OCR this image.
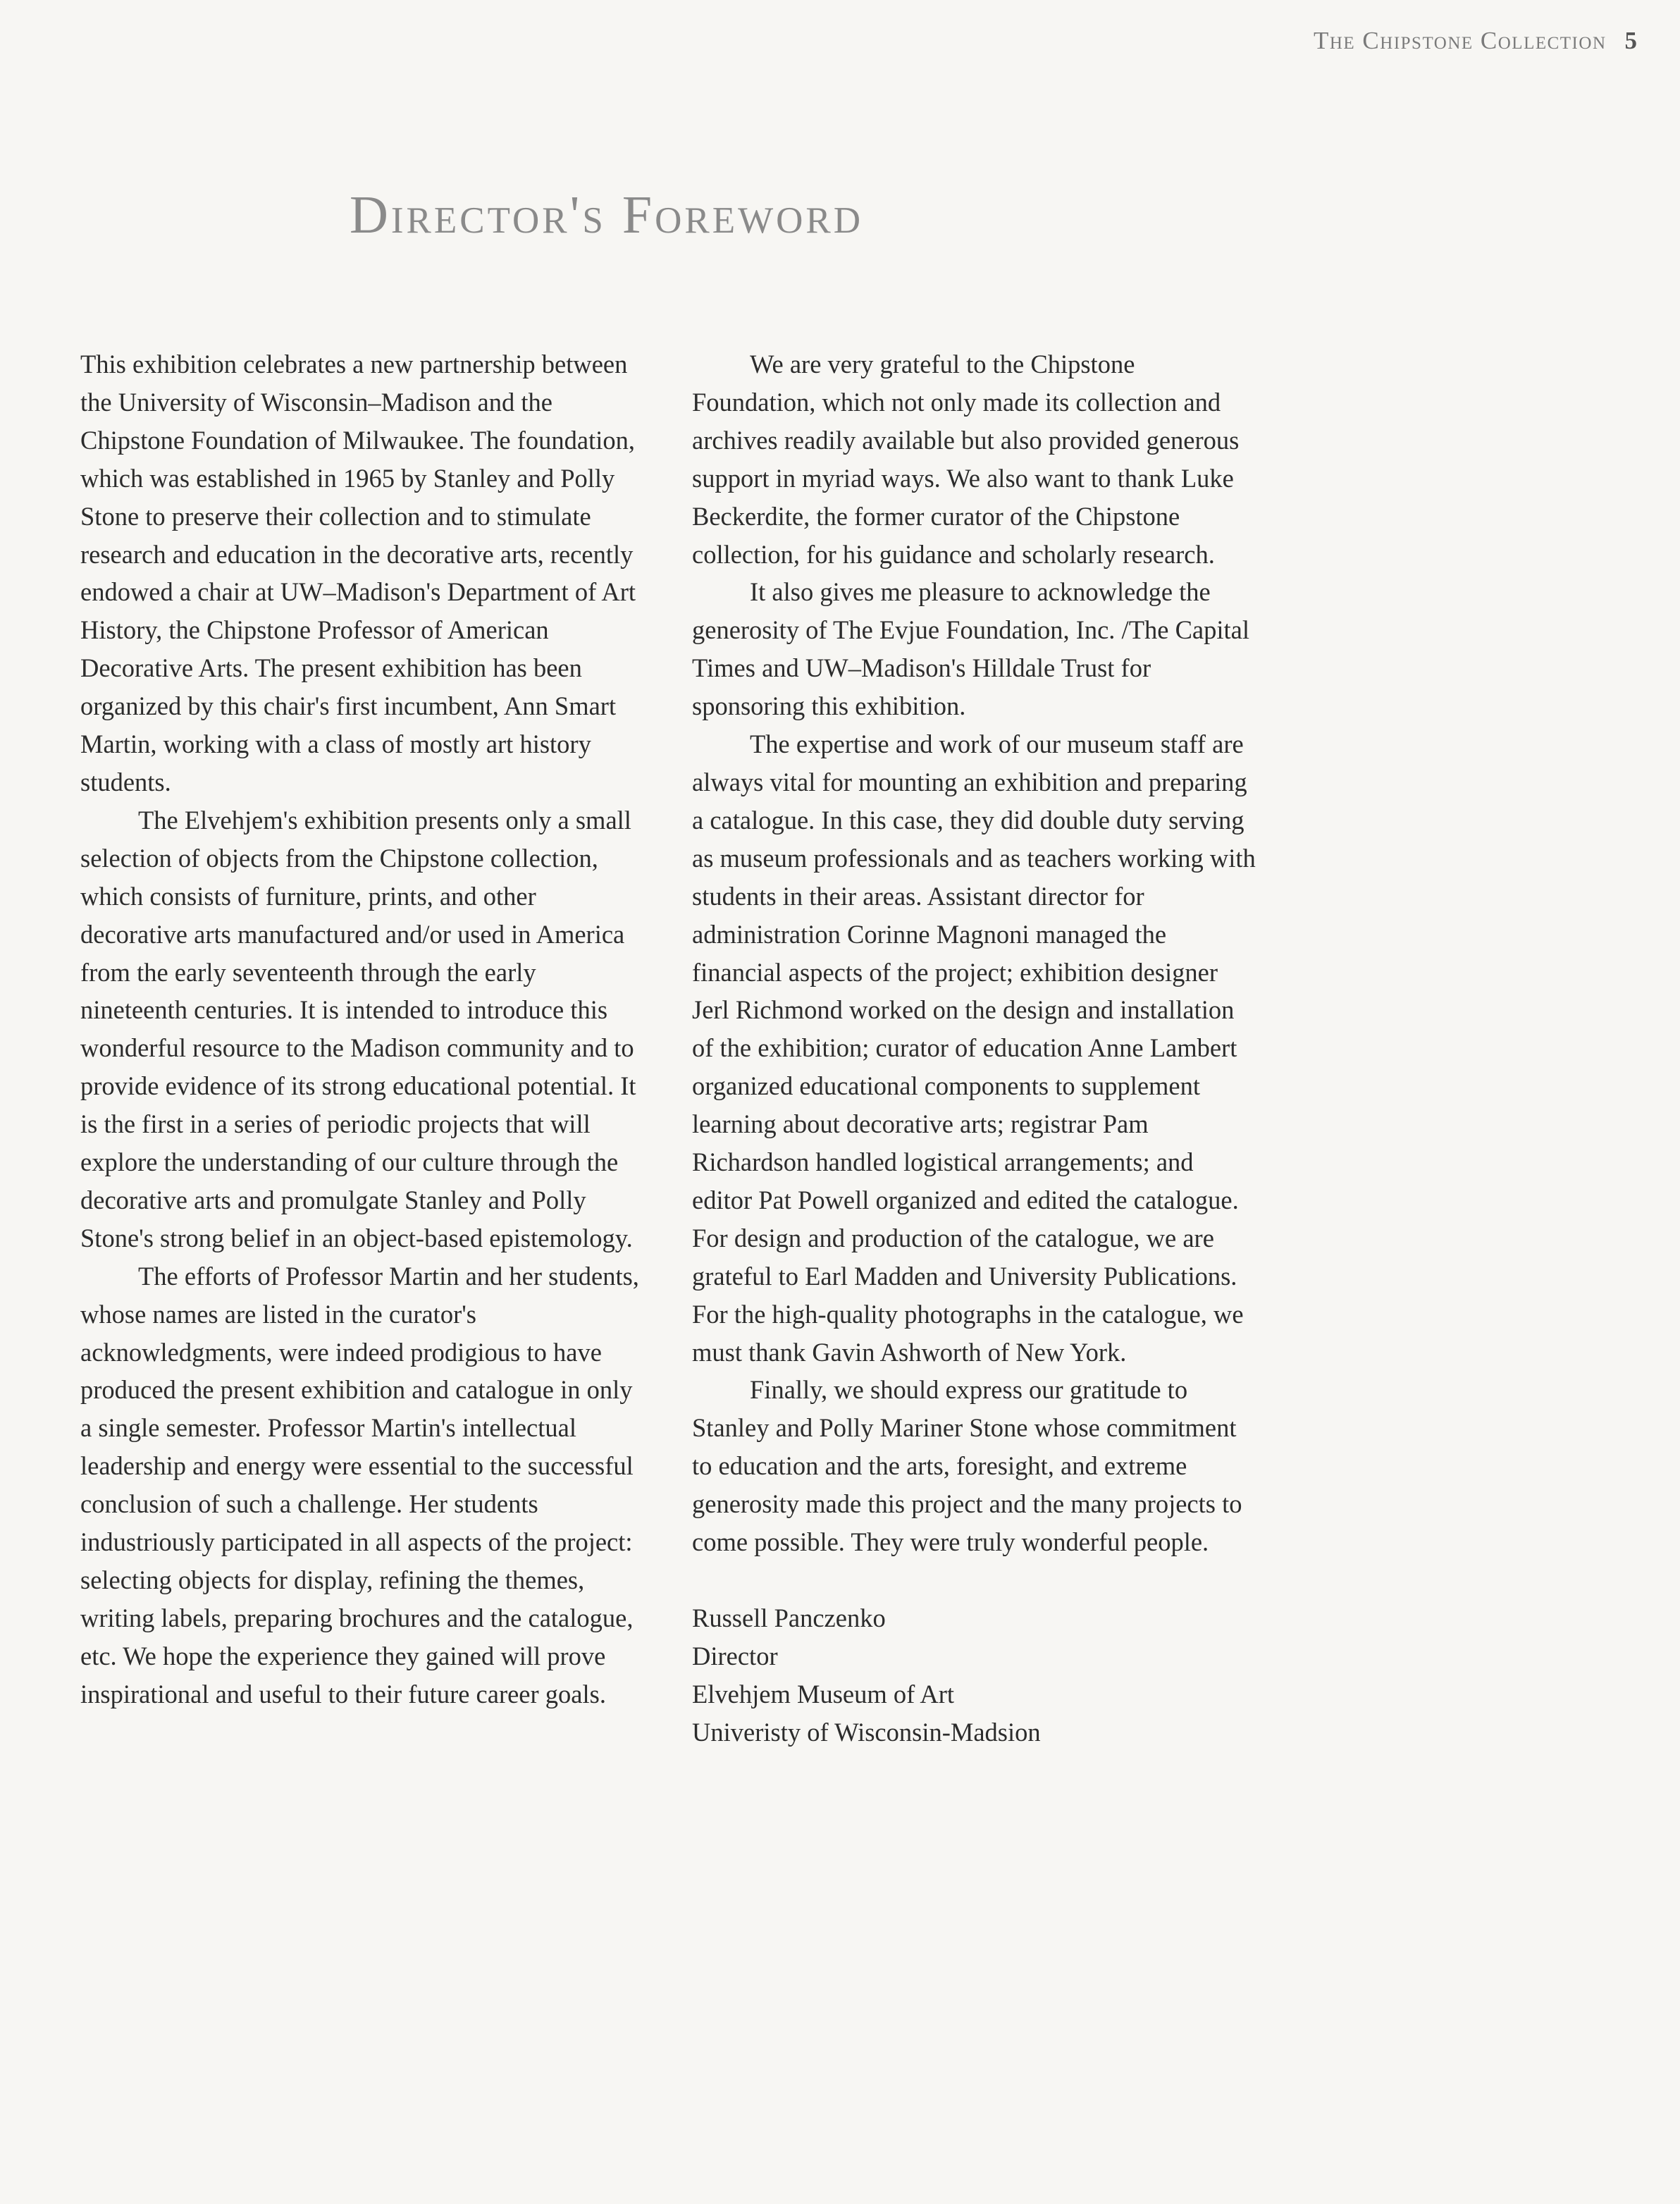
The Chipstone Collection 5
Director's Foreword

This exhibition celebrates a new partnership between the University of Wisconsin–Madison and the Chipstone Foundation of Milwaukee. The foundation, which was established in 1965 by Stanley and Polly Stone to preserve their collection and to stimulate research and education in the decorative arts, recently endowed a chair at UW–Madison's Department of Art History, the Chipstone Professor of American Decorative Arts. The present exhibition has been organized by this chair's first incumbent, Ann Smart Martin, working with a class of mostly art history students.

The Elvehjem's exhibition presents only a small selection of objects from the Chipstone collection, which consists of furniture, prints, and other decorative arts manufactured and/or used in America from the early seventeenth through the early nineteenth centuries. It is intended to introduce this wonderful resource to the Madison community and to provide evidence of its strong educational potential. It is the first in a series of periodic projects that will explore the understanding of our culture through the decorative arts and promulgate Stanley and Polly Stone's strong belief in an object-based epistemology.

The efforts of Professor Martin and her students, whose names are listed in the curator's acknowledgments, were indeed prodigious to have produced the present exhibition and catalogue in only a single semester. Professor Martin's intellectual leadership and energy were essential to the successful conclusion of such a challenge. Her students industriously participated in all aspects of the project: selecting objects for display, refining the themes, writing labels, preparing brochures and the catalogue, etc. We hope the experience they gained will prove inspirational and useful to their future career goals.

We are very grateful to the Chipstone Foundation, which not only made its collection and archives readily available but also provided generous support in myriad ways. We also want to thank Luke Beckerdite, the former curator of the Chipstone collection, for his guidance and scholarly research.

It also gives me pleasure to acknowledge the generosity of The Evjue Foundation, Inc. /The Capital Times and UW–Madison's Hilldale Trust for sponsoring this exhibition.

The expertise and work of our museum staff are always vital for mounting an exhibition and preparing a catalogue. In this case, they did double duty serving as museum professionals and as teachers working with students in their areas. Assistant director for administration Corinne Magnoni managed the financial aspects of the project; exhibition designer Jerl Richmond worked on the design and installation of the exhibition; curator of education Anne Lambert organized educational components to supplement learning about decorative arts; registrar Pam Richardson handled logistical arrangements; and editor Pat Powell organized and edited the catalogue. For design and production of the catalogue, we are grateful to Earl Madden and University Publications. For the high-quality photographs in the catalogue, we must thank Gavin Ashworth of New York.

Finally, we should express our gratitude to Stanley and Polly Mariner Stone whose commitment to education and the arts, foresight, and extreme generosity made this project and the many projects to come possible. They were truly wonderful people.

Russell Panczenko
Director
Elvehjem Museum of Art
Univeristy of Wisconsin-Madsion
